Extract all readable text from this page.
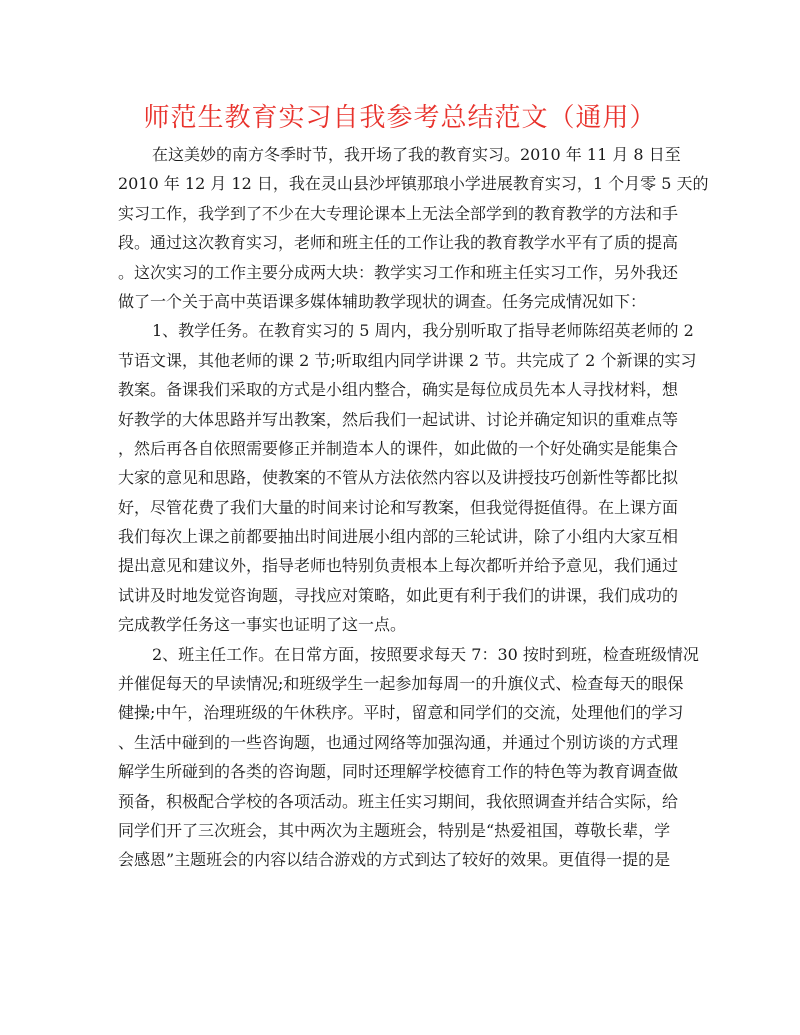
师范生教育实习自我参考总结范文（通用）
在这美妙的南方冬季时节，我开场了我的教育实习。2010 年 11 月 8 日至
2010 年 12 月 12 日，我在灵山县沙坪镇那琅小学进展教育实习，1 个月零 5 天的
实习工作，我学到了不少在大专理论课本上无法全部学到的教育教学的方法和手
段。通过这次教育实习，老师和班主任的工作让我的教育教学水平有了质的提高
。这次实习的工作主要分成两大块：教学实习工作和班主任实习工作，另外我还
做了一个关于高中英语课多媒体辅助教学现状的调查。任务完成情况如下：
1、教学任务。在教育实习的 5 周内，我分别听取了指导老师陈绍英老师的 2
节语文课，其他老师的课 2 节;听取组内同学讲课 2 节。共完成了 2 个新课的实习
教案。备课我们采取的方式是小组内整合，确实是每位成员先本人寻找材料，想
好教学的大体思路并写出教案，然后我们一起试讲、讨论并确定知识的重难点等
，然后再各自依照需要修正并制造本人的课件，如此做的一个好处确实是能集合
大家的意见和思路，使教案的不管从方法依然内容以及讲授技巧创新性等都比拟
好，尽管花费了我们大量的时间来讨论和写教案，但我觉得挺值得。在上课方面
我们每次上课之前都要抽出时间进展小组内部的三轮试讲，除了小组内大家互相
提出意见和建议外，指导老师也特别负责根本上每次都听并给予意见，我们通过
试讲及时地发觉咨询题，寻找应对策略，如此更有利于我们的讲课，我们成功的
完成教学任务这一事实也证明了这一点。
2、班主任工作。在日常方面，按照要求每天 7：30 按时到班，检查班级情况
并催促每天的早读情况;和班级学生一起参加每周一的升旗仪式、检查每天的眼保
健操;中午，治理班级的午休秩序。平时，留意和同学们的交流，处理他们的学习
、生活中碰到的一些咨询题，也通过网络等加强沟通，并通过个别访谈的方式理
解学生所碰到的各类的咨询题，同时还理解学校德育工作的特色等为教育调查做
预备，积极配合学校的各项活动。班主任实习期间，我依照调查并结合实际，给
同学们开了三次班会，其中两次为主题班会，特别是“热爱祖国，尊敬长辈，学
会感恩”主题班会的内容以结合游戏的方式到达了较好的效果。更值得一提的是
